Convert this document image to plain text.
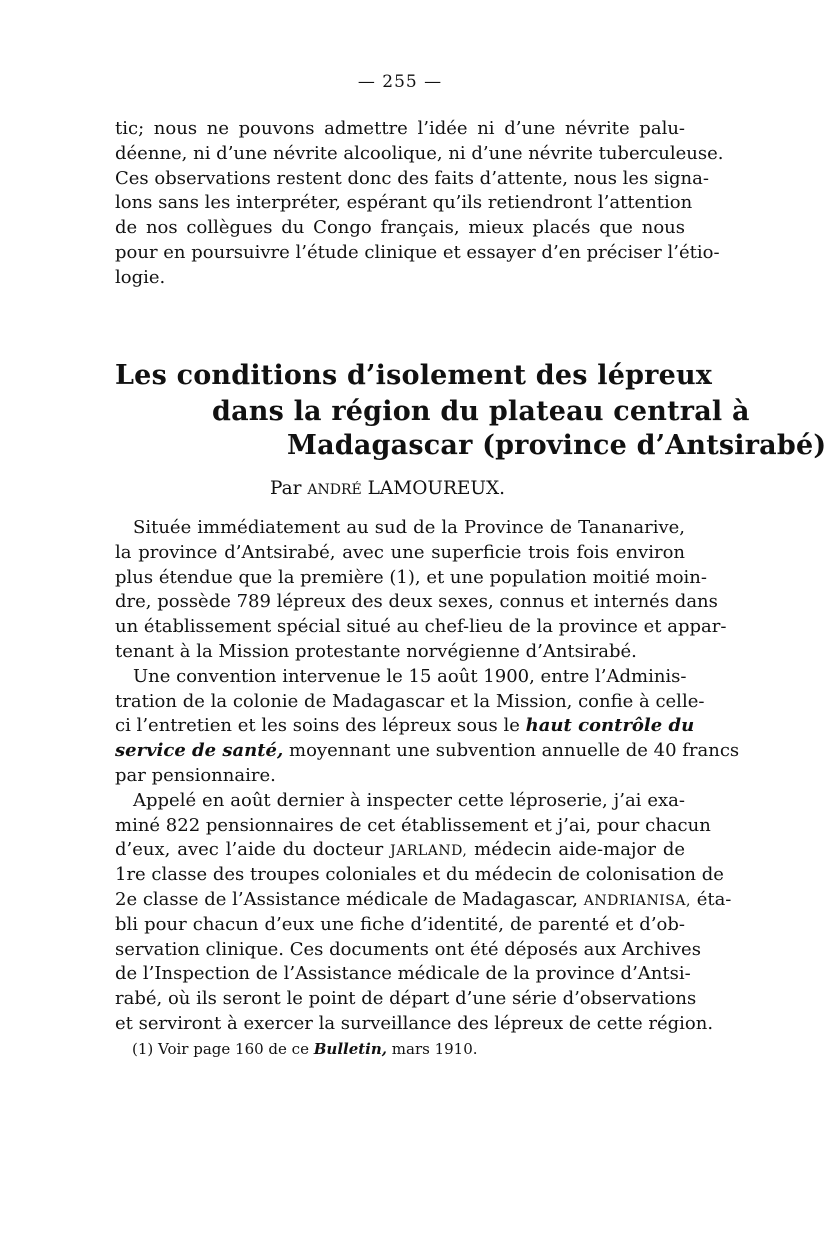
— 255 —
tic; nous ne pouvons admettre l’idée ni d’une névrite palu-
déenne, ni d’une névrite alcoolique, ni d’une névrite tuberculeuse.
Ces observations restent donc des faits d’attente, nous les signa-
lons sans les interpréter, espérant qu’ils retiendront l’attention
de nos collègues du Congo français, mieux placés que nous
pour en poursuivre l’étude clinique et essayer d’en préciser l’étio-
logie.
Les conditions d’isolement des lépreux
dans la région du plateau central à
Madagascar (province d’Antsirabé)
Par ANDRÉ LAMOUREUX.
Située immédiatement au sud de la Province de Tananarive,
la province d’Antsirabé, avec une superficie trois fois environ
plus étendue que la première (1), et une population moitié moin-
dre, possède 789 lépreux des deux sexes, connus et internés dans
un établissement spécial situé au chef-lieu de la province et appar-
tenant à la Mission protestante norvégienne d’Antsirabé.
Une convention intervenue le 15 août 1900, entre l’Adminis-
tration de la colonie de Madagascar et la Mission, confie à celle-
ci l’entretien et les soins des lépreux sous le haut contrôle du
service de santé, moyennant une subvention annuelle de 40 francs
par pensionnaire.
Appelé en août dernier à inspecter cette léproserie, j’ai exa-
miné 822 pensionnaires de cet établissement et j’ai, pour chacun
d’eux, avec l’aide du docteur JARLAND, médecin aide-major de
1re classe des troupes coloniales et du médecin de colonisation de
2e classe de l’Assistance médicale de Madagascar, ANDRIANISA, éta-
bli pour chacun d’eux une fiche d’identité, de parenté et d’ob-
servation clinique. Ces documents ont été déposés aux Archives
de l’Inspection de l’Assistance médicale de la province d’Antsi-
rabé, où ils seront le point de départ d’une série d’observations
et serviront à exercer la surveillance des lépreux de cette région.
(1) Voir page 160 de ce Bulletin, mars 1910.
